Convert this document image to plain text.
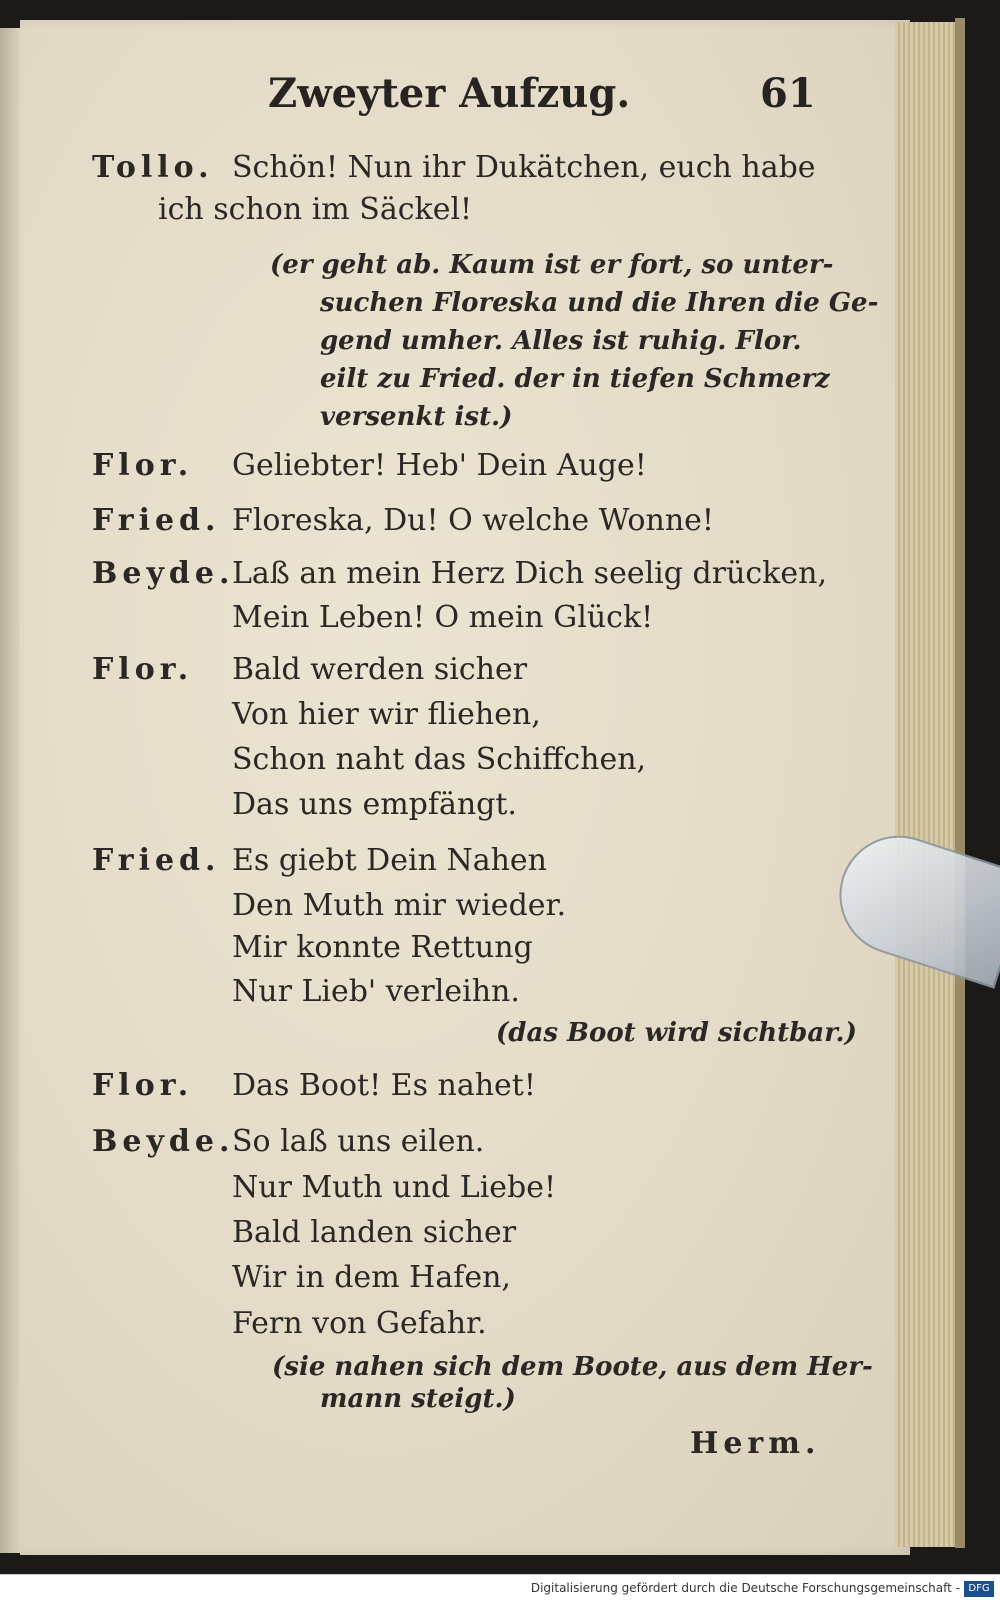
Zweyter Aufzug.	61
Tollo. Schön! Nun ihr Dukätchen, euch habe
ich schon im Säckel!
(er geht ab. Kaum ist er fort, so unter-
suchen Floreska und die Ihren die Ge-
gend umher. Alles ist ruhig. Flor.
eilt zu Fried. der in tiefen Schmerz
versenkt ist.)
Flor. Geliebter! Heb' Dein Auge!
Fried. Floreska, Du! O welche Wonne!
Beyde.
Laß an mein Herz Dich seelig drücken,
Mein Leben! O mein Glück!
Flor. Bald werden sicher
Von hier wir fliehen,
Schon naht das Schiffchen,
Das uns empfängt.
Fried. Es giebt Dein Nahen
Den Muth mir wieder.
Mir konnte Rettung
Nur Lieb' verleihn.
(das Boot wird sichtbar.)
Flor. Das Boot! Es nahet!
Beyde.
So laß uns eilen.
Nur Muth und Liebe!
Bald landen sicher
Wir in dem Hafen,
Fern von Gefahr.
(sie nahen sich dem Boote, aus dem Her-
mann steigt.)
Herm.
Digitalisierung gefördert durch die Deutsche Forschungsgemeinschaft - DFG
